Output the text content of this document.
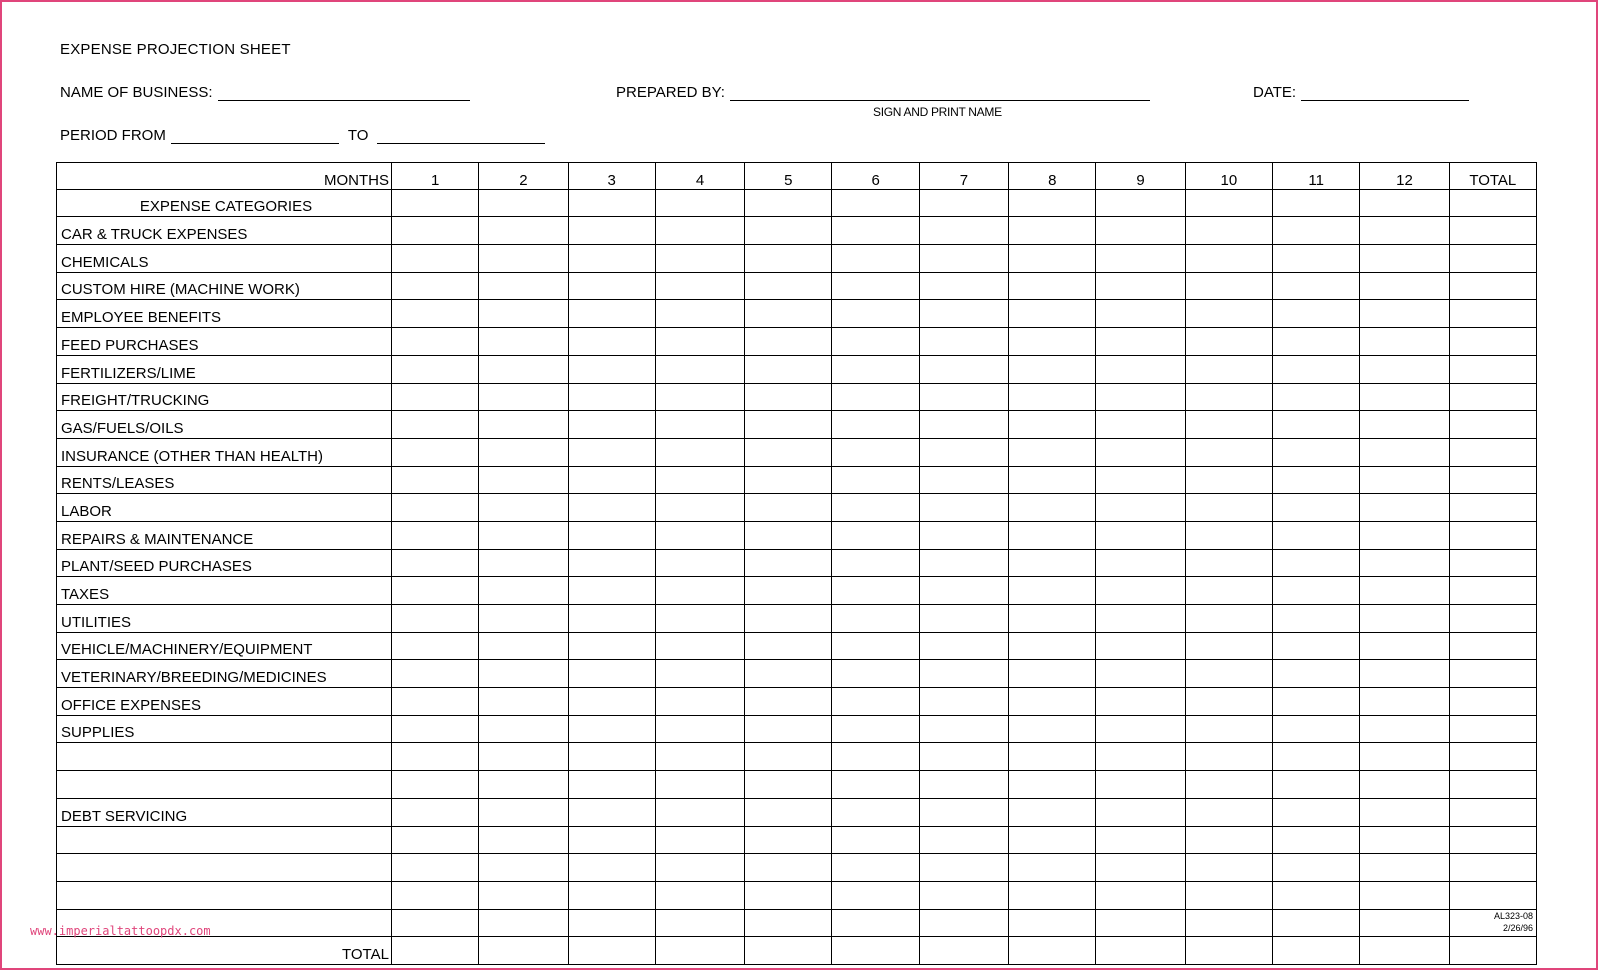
EXPENSE PROJECTION SHEET
NAME OF BUSINESS:	PREPARED BY:
SIGN AND PRINT NAME
DATE:
PERIOD FROM	TO
MONTHS	1	2	3	4	5	6	7	8	9	10	11	12	TOTAL
EXPENSE CATEGORIES													
CAR & TRUCK EXPENSES													
CHEMICALS													
CUSTOM HIRE (MACHINE WORK)													
EMPLOYEE BENEFITS													
FEED PURCHASES													
FERTILIZERS/LIME													
FREIGHT/TRUCKING													
GAS/FUELS/OILS													
INSURANCE (OTHER THAN HEALTH)													
RENTS/LEASES													
LABOR													
REPAIRS & MAINTENANCE													
PLANT/SEED PURCHASES													
TAXES													
UTILITIES													
VEHICLE/MACHINERY/EQUIPMENT													
VETERINARY/BREEDING/MEDICINES													
OFFICE EXPENSES													
SUPPLIES													

DEBT SERVICING													

TOTAL													
www.imperialtattoopdx.com
AL323-08
2/26/96
